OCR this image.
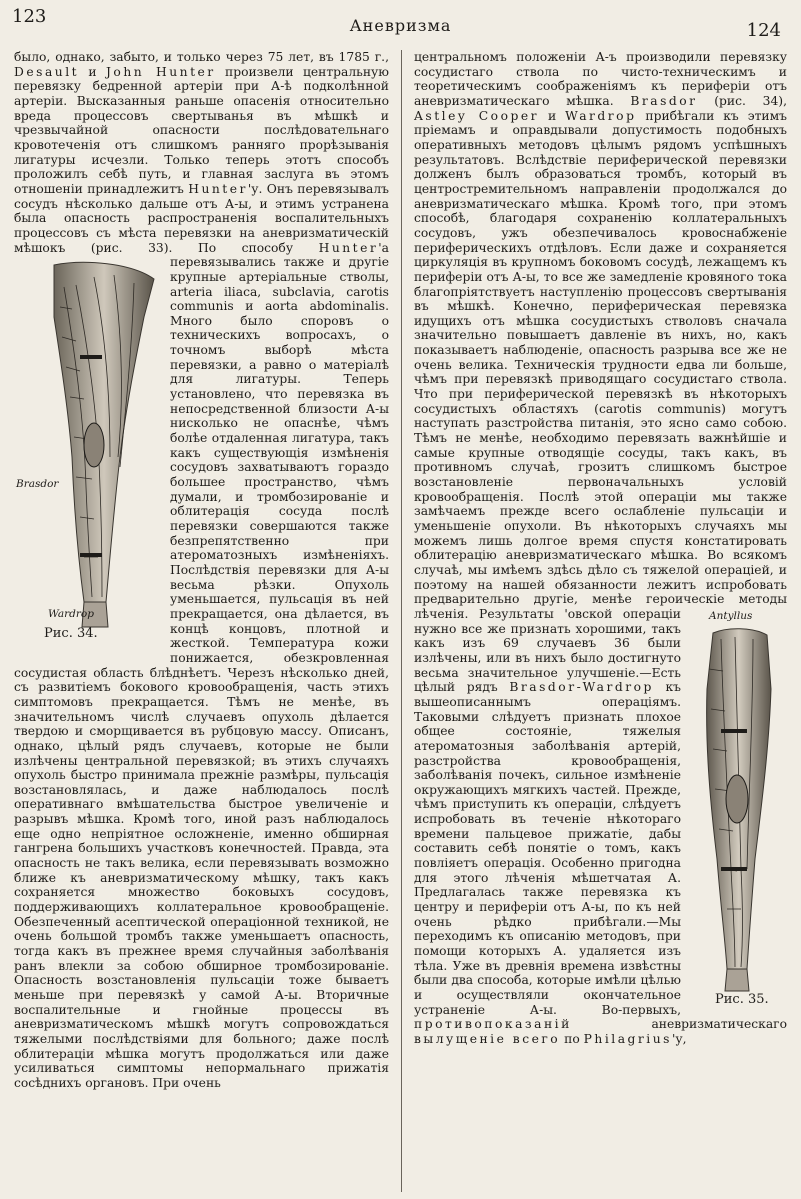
123	Аневризма	124

было, однако, забыто, и только через 75 лет, въ 1785 г., Desault и John Hunter произвели центральную перевязку бедренной артеріи при А-ѣ подколѣнной артеріи. Высказанныя раньше опасенія относительно вреда процессовъ свертыванья въ мѣшкѣ и чрезвычайной опасности послѣдовательнаго кровотеченія отъ слишкомъ ранняго прорѣзыванія лигатуры исчезли. Только теперь этотъ способъ проложилъ себѣ путь, и главная заслуга въ этомъ отношеніи принадлежитъ Hunter'у. Онъ перевязывалъ сосудъ нѣсколько дальше отъ А-ы, и этимъ устранена была опасность распространенія воспалительныхъ процессовъ съ мѣста перевязки на аневризматическій мѣшокъ (рис. 33). По способу Hunter
Brasdor
Wardrop
Рис. 34.
'а перевязывались также и другіе крупные артеріальные стволы, arteria iliaca, subclavia, carotis communis и aorta abdominalis. Много было споровъ о техническихъ вопросахъ, о точномъ выборѣ мѣста перевязки, а равно о матеріалѣ для лигатуры. Теперь установлено, что перевязка въ непосредственной близости А-ы нисколько не опаснѣе, чѣмъ болѣе отдаленная лигатура, такъ какъ существующія измѣненія сосудовъ захватываютъ гораздо большее пространство, чѣмъ думали, и тромбозированіе и облитерація сосуда послѣ перевязки совершаются также безпрепятственно при атероматозныхъ измѣненіяхъ. Послѣдствія перевязки для А-ы весьма рѣзки. Опухоль уменьшается, пульсація въ ней прекращается, она дѣлается, въ концѣ концовъ, плотной и жесткой. Температура кожи понижается, обезкровленная сосудистая область блѣднѣетъ. Черезъ нѣсколько дней, съ развитіемъ бокового кровообращенія, часть этихъ симптомовъ прекращается. Тѣмъ не менѣе, въ значительномъ числѣ случаевъ опухоль дѣлается твердою и сморщивается въ рубцовую массу. Описанъ, однако, цѣлый рядъ случаевъ, которые не были излѣчены центральной перевязкой; въ этихъ случаяхъ опухоль быстро принимала прежніе размѣры, пульсація возстановлялась, и даже наблюдалось послѣ оперативнаго вмѣшательства быстрое увеличеніе и разрывъ мѣшка. Кромѣ того, иной разъ наблюдалось еще одно непріятное осложненіе, именно обширная гангрена большихъ участковъ конечностей. Правда, эта опасность не такъ велика, если перевязывать возможно ближе къ аневризматическому мѣшку, такъ какъ сохраняется множество боковыхъ сосудовъ, поддерживающихъ коллатеральное кровообращеніе. Обезпеченный асептической операціонной техникой, не очень большой тромбъ также уменьшаетъ опасность, тогда какъ въ прежнее время случайныя заболѣванія ранъ влекли за собою обширное тромбозированіе. Опасность возстановленія пульсаціи тоже бываетъ меньше при перевязкѣ у самой А-ы. Вторичные воспалительные и гнойные процессы въ аневризматическомъ мѣшкѣ могутъ сопровождаться тяжелыми послѣдствіями для больного; даже послѣ облитераціи мѣшка могутъ продолжаться или даже усиливаться симптомы непормальнаго прижатія сосѣднихъ органовъ. При очень

центральномъ положеніи А-ъ производили перевязку сосудистаго ствола по чисто-техническимъ и теоретическимъ соображеніямъ къ периферіи отъ аневризматическаго мѣшка. Brasdor (рис. 34), Astley Cooper и Wardrop прибѣгали къ этимъ пріемамъ и оправдывали допустимость подобныхъ оперативныхъ методовъ цѣлымъ рядомъ успѣшныхъ результатовъ. Вслѣдствіе периферической перевязки долженъ былъ образоваться тромбъ, который въ центростремительномъ направленіи продолжался до аневризматическаго мѣшка. Кромѣ того, при этомъ способѣ, благодаря сохраненію коллатеральныхъ сосудовъ, ужъ обезпечивалось кровоснабженіе периферическихъ отдѣловъ. Если даже и сохраняется циркуляція въ крупномъ боковомъ сосудѣ, лежащемъ къ периферіи отъ А-ы, то все же замедленіе кровяного тока благопріятствуетъ наступленію процессовъ свертыванія въ мѣшкѣ. Конечно, периферическая перевязка идущихъ отъ мѣшка сосудистыхъ стволовъ сначала значительно повышаетъ давленіе въ нихъ, но, какъ показываетъ наблюденіе, опасность разрыва все же не очень велика. Техническія трудности едва ли больше, чѣмъ при перевязкѣ приводящаго сосудистаго ствола. Что при периферической перевязкѣ въ нѣкоторыхъ сосудистыхъ областяхъ (carotis communis) могутъ наступать разстройства питанія, это ясно само собою. Тѣмъ не менѣе, необходимо перевязать важнѣйшіе и самые крупные отводящіе сосуды, такъ какъ, въ противномъ случаѣ, грозитъ слишкомъ быстрое возстановленіе первоначальныхъ условій кровообращенія. Послѣ этой операціи мы также замѣчаемъ прежде всего ослабленіе пульсаціи и уменьшеніе опухоли. Въ нѣкоторыхъ случаяхъ мы можемъ лишь долгое время спустя констатировать облитерацію аневризматическаго мѣшка. Во всякомъ случаѣ, мы имѣемъ здѣсь дѣло съ тяжелой операціей, и поэтому на нашей обязанности лежитъ испробовать предварительно другіе, менѣе героическіе методы лѣченія. Результаты	Antyllus
Рис. 35.
'овской операціи нужно все же признать хорошими, такъ какъ изъ 69 случаевъ 36 были излѣчены, или въ нихъ было достигнуто весьма значительное улучшеніе.—Есть цѣлый рядъ Brasdor-Wardrop къ вышеописаннымъ операціямъ. Таковыми слѣдуетъ признать плохое общее состояніе, тяжелыя атероматозныя заболѣванія артерій, разстройства кровообращенія, заболѣванія почекъ, сильное измѣненіе окружающихъ мягкихъ частей. Прежде, чѣмъ приступить къ операціи, слѣдуетъ испробовать въ теченіе нѣкотораго времени пальцевое прижатіе, дабы составить себѣ понятіе о томъ, какъ повліяетъ операція. Особенно пригодна для этого лѣченія мѣшетчатая А. Предлагалась также перевязка къ центру и периферіи отъ А-ы, по къ ней очень рѣдко прибѣгали.—Мы переходимъ къ описанію методовъ, при помощи которыхъ А. удаляется изъ тѣла. Уже въ древнія времена извѣстны были два способа, которые имѣли цѣлью и осуществляли окончательное устраненіе А-ы. Во-первыхъ, противопоказаній аневризматическаго вылущеніе всего по Philagrius'у,
